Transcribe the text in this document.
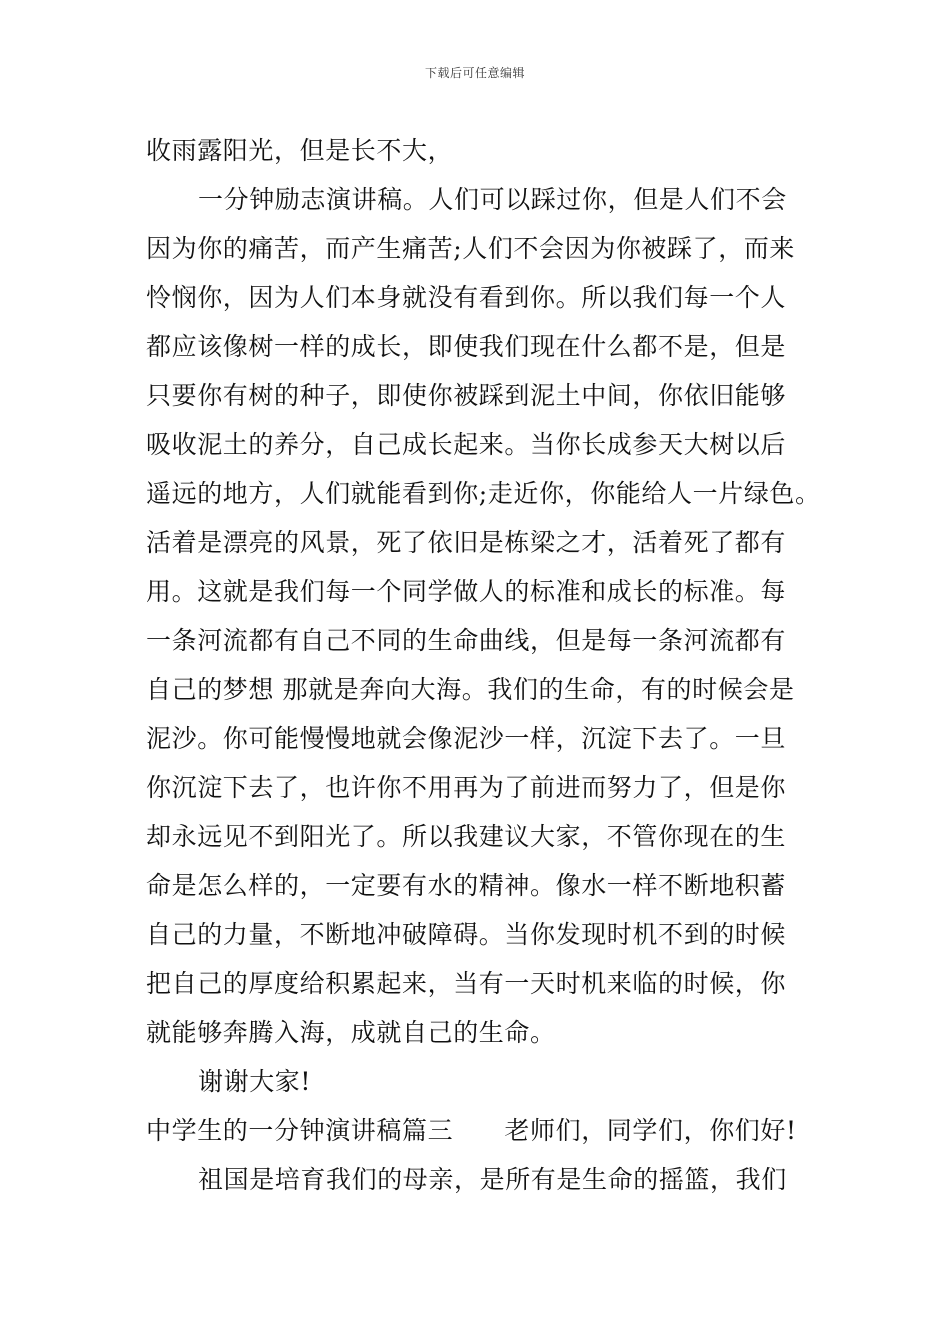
下载后可任意编辑
收雨露阳光，但是长不大，
一分钟励志演讲稿。人们可以踩过你，但是人们不会
因为你的痛苦，而产生痛苦;人们不会因为你被踩了，而来
怜悯你，因为人们本身就没有看到你。所以我们每一个人
都应该像树一样的成长，即使我们现在什么都不是，但是
只要你有树的种子，即使你被踩到泥土中间，你依旧能够
吸收泥土的养分，自己成长起来。当你长成参天大树以后
遥远的地方，人们就能看到你;走近你，你能给人一片绿色。
活着是漂亮的风景，死了依旧是栋梁之才，活着死了都有
用。这就是我们每一个同学做人的标准和成长的标准。每
一条河流都有自己不同的生命曲线，但是每一条河流都有
自己的梦想 那就是奔向大海。我们的生命，有的时候会是
泥沙。你可能慢慢地就会像泥沙一样，沉淀下去了。一旦
你沉淀下去了，也许你不用再为了前进而努力了，但是你
却永远见不到阳光了。所以我建议大家，不管你现在的生
命是怎么样的，一定要有水的精神。像水一样不断地积蓄
自己的力量，不断地冲破障碍。当你发现时机不到的时候
把自己的厚度给积累起来，当有一天时机来临的时候，你
就能够奔腾入海，成就自己的生命。
谢谢大家!
中学生的一分钟演讲稿篇三　　老师们，同学们，你们好!
祖国是培育我们的母亲，是所有是生命的摇篮，我们
